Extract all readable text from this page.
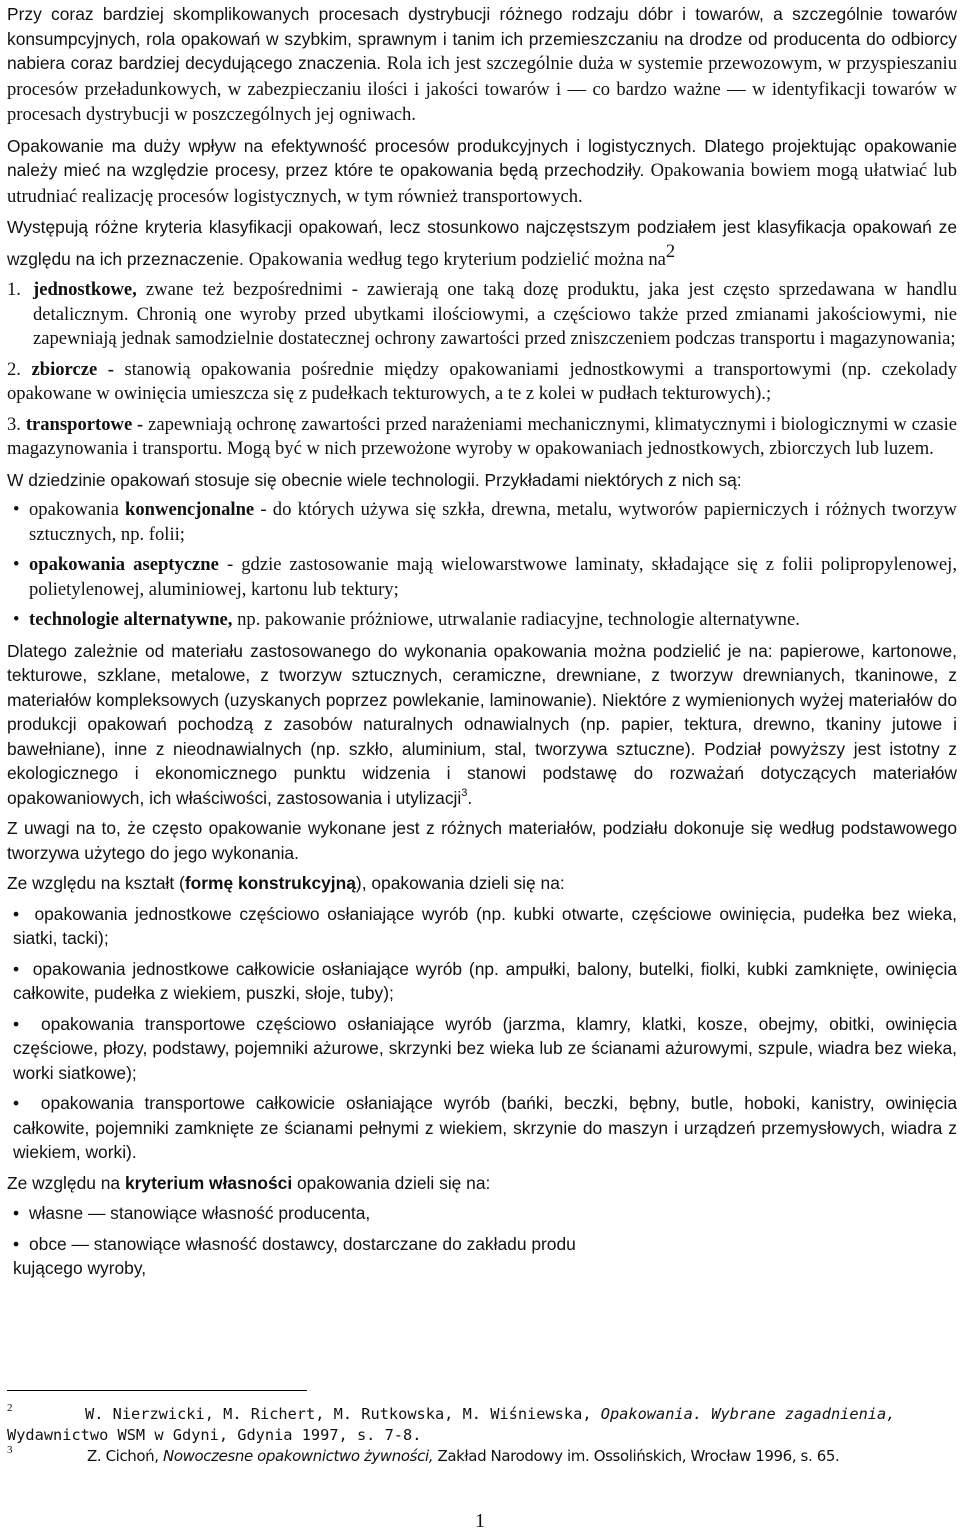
Przy coraz bardziej skomplikowanych procesach dystrybucji różnego rodzaju dóbr i towarów, a szczególnie towarów konsumpcyjnych, rola opakowań w szybkim, sprawnym i tanim ich przemieszczaniu na drodze od producenta do odbiorcy nabiera coraz bardziej decydującego znaczenia. Rola ich jest szczególnie duża w systemie przewozowym, w przyspieszaniu procesów przeładunkowych, w zabezpieczaniu ilości i jakości towarów i — co bardzo ważne — w identyfikacji towarów w procesach dystrybucji w poszczególnych jej ogniwach.

Opakowanie ma duży wpływ na efektywność procesów produkcyjnych i logistycznych. Dlatego projektując opakowanie należy mieć na względzie procesy, przez które te opakowania będą przechodziły. Opakowania bowiem mogą ułatwiać lub utrudniać realizację procesów logistycznych, w tym również transportowych.

Występują różne kryteria klasyfikacji opakowań, lecz stosunkowo najczęstszym podziałem jest klasyfikacja opakowań ze względu na ich przeznaczenie. Opakowania według tego kryterium podzielić można $na^2$

1. jednostkowe, zwane też bezpośrednimi - zawierają one taką dozę produktu, jaka jest często sprzedawana w handlu detalicznym. Chronią one wyroby przed ubytkami ilościowymi, a częściowo także przed zmianami jakościowymi, nie zapewniają jednak samodzielnie dostatecznej ochrony zawartości przed zniszczeniem podczas transportu i magazynowania;
2. zbiorcze - stanowią opakowania pośrednie między opakowaniami jednostkowymi a transportowymi (np. czekolady opakowane w owinięcia umieszcza się z pudełkach tekturowych, a te z kolei w pudłach tekturowych).;
3. transportowe - zapewniają ochronę zawartości przed narażeniami mechanicznymi, klimatycznymi i biologicznymi w czasie magazynowania i transportu. Mogą być w nich przewożone wyroby w opakowaniach jednostkowych, zbiorczych lub luzem.

W dziedzinie opakowań stosuje się obecnie wiele technologii. Przykładami niektórych z nich są:

• opakowania konwencjonalne - do których używa się szkła, drewna, metalu, wytworów papierniczych i różnych tworzyw sztucznych, np. folii;
• opakowania aseptyczne - gdzie zastosowanie mają wielowarstwowe laminaty, składające się z folii polipropylenowej, polietylenowej, aluminiowej, kartonu lub tektury;
• technologie alternatywne, np. pakowanie próżniowe, utrwalanie radiacyjne, technologie alternatywne.

Dlatego zależnie od materiału zastosowanego do wykonania opakowania można podzielić je na: papierowe, kartonowe, tekturowe, szklane, metalowe, z tworzyw sztucznych, ceramiczne, drewniane, z tworzyw drewnianych, tkaninowe, z materiałów kompleksowych (uzyskanych poprzez powlekanie, laminowanie). Niektóre z wymienionych wyżej materiałów do produkcji opakowań pochodzą z zasobów naturalnych odnawialnych (np. papier, tektura, drewno, tkaniny jutowe i bawełniane), inne z nieodnawialnych (np. szkło, aluminium, stal, tworzywa sztuczne). Podział powyższy jest istotny z ekologicznego i ekonomicznego punktu widzenia i stanowi podstawę do rozważań dotyczących materiałów opakowaniowych, ich właściwości, zastosowania i utylizacji$^3$.

Z uwagi na to, że często opakowanie wykonane jest z różnych materiałów, podziału dokonuje się według podstawowego tworzywa użytego do jego wykonania.

Ze względu na kształt (formę konstrukcyjną), opakowania dzieli się na:

• opakowania jednostkowe częściowo osłaniające wyrób (np. kubki otwarte, częściowe owinięcia, pudełka bez wieka, siatki, tacki);
• opakowania jednostkowe całkowicie osłaniające wyrób (np. ampułki, balony, butelki, fiolki, kubki zamknięte, owinięcia całkowite, pudełka z wiekiem, puszki, słoje, tuby);
• opakowania transportowe częściowo osłaniające wyrób (jarzma, klamry, klatki, kosze, obejmy, obitki, owinięcia częściowe, płozy, podstawy, pojemniki ażurowe, skrzynki bez wieka lub ze ścianami ażurowymi, szpule, wiadra bez wieka, worki siatkowe);
• opakowania transportowe całkowicie osłaniające wyrób (bańki, beczki, bębny, butle, hoboki, kanistry, owinięcia całkowite, pojemniki zamknięte ze ścianami pełnymi z wiekiem, skrzynie do maszyn i urządzeń przemysłowych, wiadra z wiekiem, worki).

Ze względu na kryterium własności opakowania dzieli się na:

• własne — stanowiące własność producenta,
• obce — stanowiące własność dostawcy, dostarczane do zakładu produ
kującego wyroby,
2	W. Nierzwicki, M. Richert, M. Rutkowska, M. Wiśniewska, Opakowania. Wybrane zagadnienia,
Wydawnictwo WSM w Gdyni, Gdynia 1997, s. 7-8.
3	Z. Cichoń, Nowoczesne opakownictwo żywności, Zakład Narodowy im. Ossolińskich, Wrocław 1996, s. 65.
1
